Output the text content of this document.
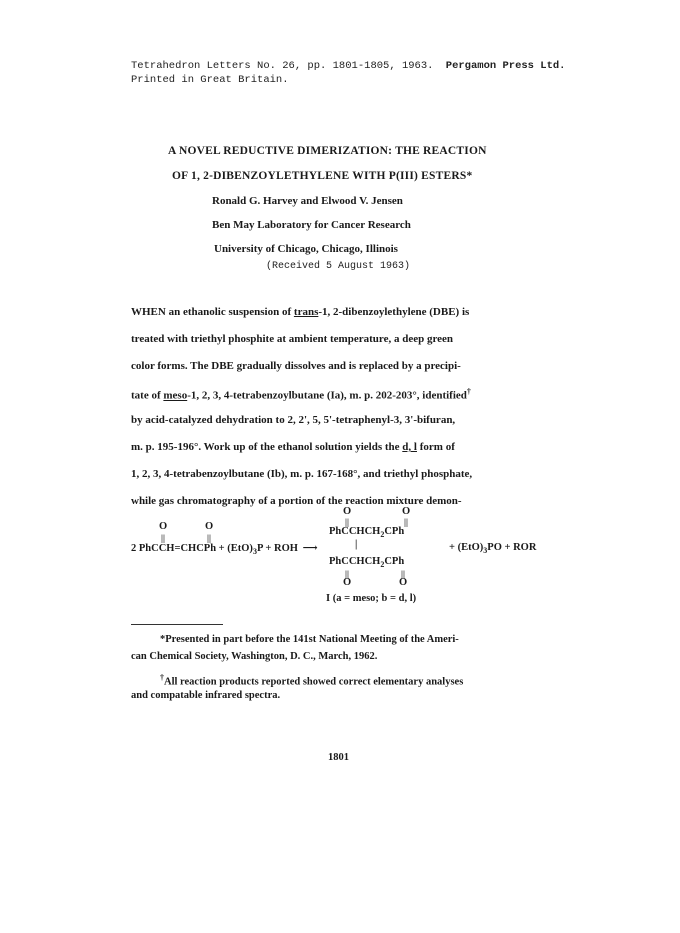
Tetrahedron Letters No. 26, pp. 1801-1805, 1963. Pergamon Press Ltd.
Printed in Great Britain.
A NOVEL REDUCTIVE DIMERIZATION: THE REACTION
OF 1, 2-DIBENZOYLETHYLENE WITH P(III) ESTERS*
Ronald G. Harvey and Elwood V. Jensen
Ben May Laboratory for Cancer Research
University of Chicago, Chicago, Illinois
(Received 5 August 1963)
WHEN an ethanolic suspension of trans-1, 2-dibenzoylethylene (DBE) is
treated with triethyl phosphite at ambient temperature, a deep green
color forms. The DBE gradually dissolves and is replaced by a precipi-
tate of meso-1, 2, 3, 4-tetrabenzoylbutane (Ia), m. p. 202-203°, identified†
by acid-catalyzed dehydration to 2, 2', 5, 5'-tetraphenyl-3, 3'-bifuran,
m. p. 195-196°. Work up of the ethanol solution yields the d, l form of
1, 2, 3, 4-tetrabenzoylbutane (Ib), m. p. 167-168°, and triethyl phosphate,
while gas chromatography of a portion of the reaction mixture demon-
O
||
O
||
2 PhCCH=CHCPh + $(EtO)_3P$ + ROH ⟶
O	O
||	||
PhCCHCH$_2$CPh
|	+ $(EtO)_3PO$ + ROR
PhCCHCH$_2$CPh
||	||
O	O
I (a = meso; b = d, l)
*Presented in part before the 141st National Meeting of the Ameri-
can Chemical Society, Washington, D. C., March, 1962.
†All reaction products reported showed correct elementary analyses
and compatable infrared spectra.
1801
